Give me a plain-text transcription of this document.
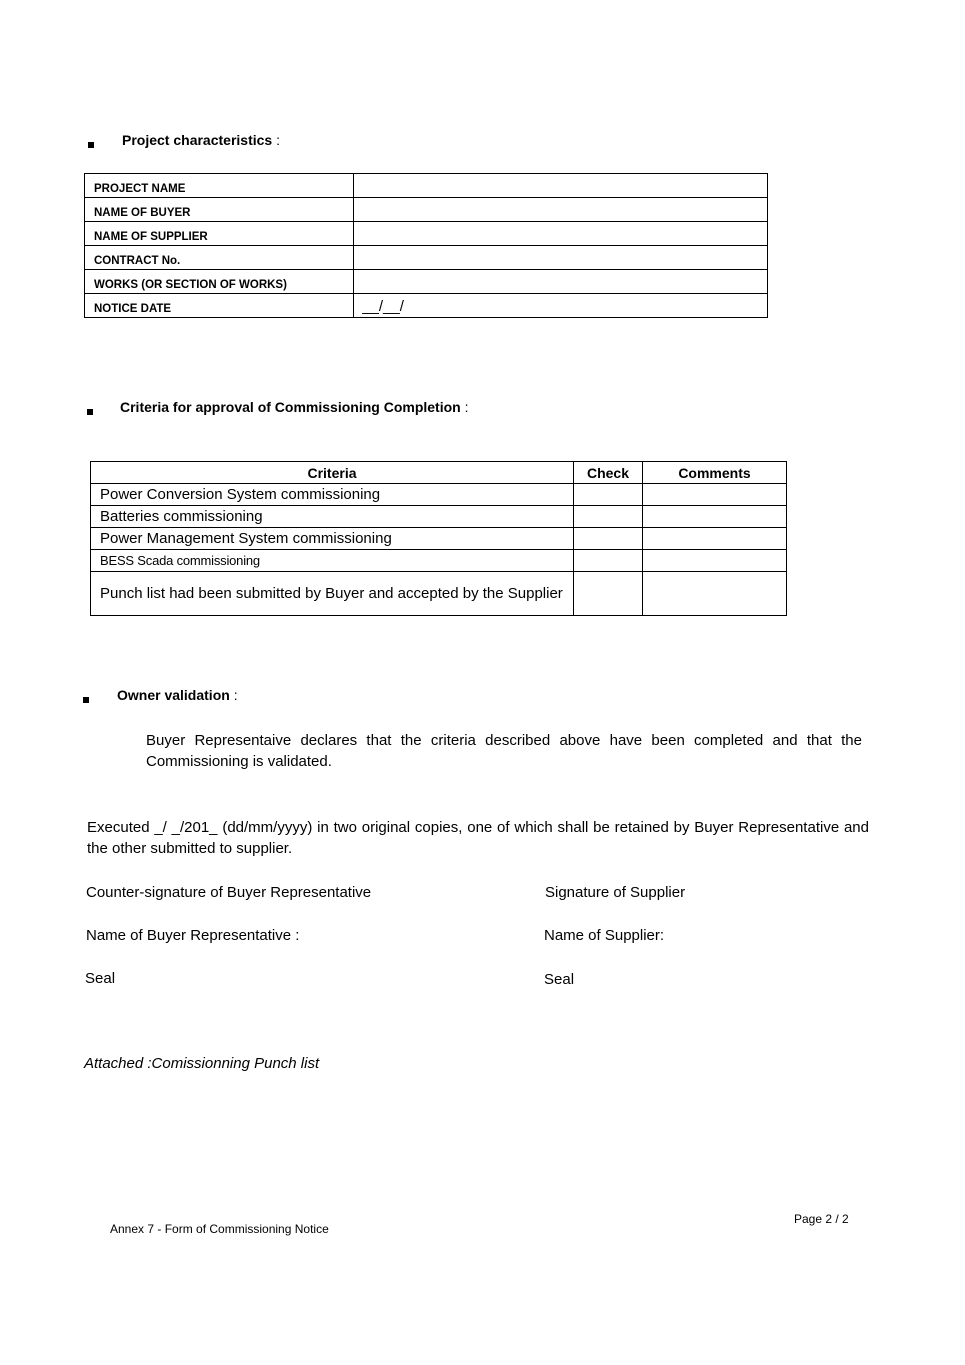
Project characteristics :
PROJECT NAME	
NAME OF BUYER	
NAME OF SUPPLIER	
CONTRACT No.	
WORKS (OR SECTION OF WORKS)	
NOTICE DATE	__/__/
Criteria for approval of Commissioning Completion :
Criteria	Check	Comments
Power Conversion System commissioning		
Batteries commissioning		
Power Management System commissioning		
BESS Scada commissioning		
Punch list had been submitted by Buyer and accepted by the Supplier		
Owner validation :
Buyer Representaive declares that the criteria described above have been completed and that the Commissioning is validated.
Executed _/ _/201_ (dd/mm/yyyy) in two original copies, one of which shall be retained by Buyer Representative and the other submitted to supplier.
Counter-signature of Buyer Representative	Signature of Supplier
Name of Buyer Representative :	Name of Supplier:
Seal	Seal
Attached :Comissionning Punch list
Page 2 / 2
Annex 7 - Form of Commissioning Notice
